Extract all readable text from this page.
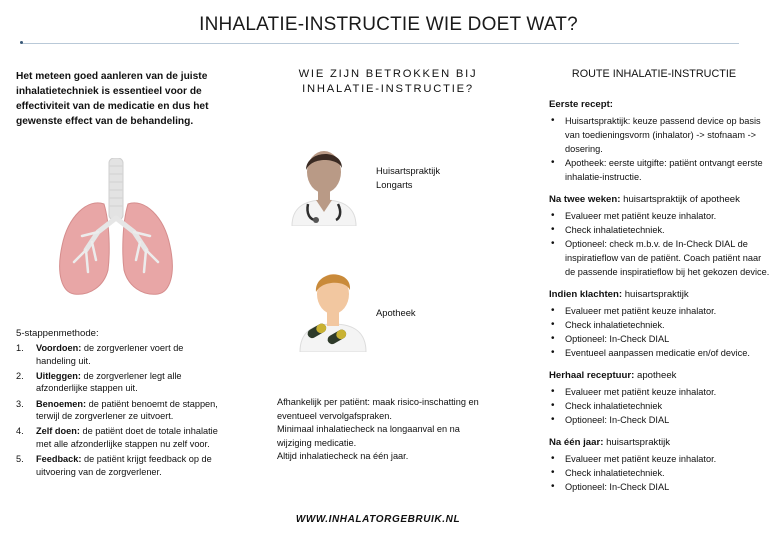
INHALATIE-INSTRUCTIE WIE DOET WAT?
Het meteen goed aanleren van de juiste inhalatietechniek is essentieel voor de effectiviteit van de medicatie en dus het gewenste effect van de behandeling.
5-stappenmethode:
1. Voordoen: de zorgverlener voert de handeling uit.
2. Uitleggen: de zorgverlener legt alle afzonderlijke stappen uit.
3. Benoemen: de patiënt benoemt de stappen, terwijl de zorgverlener ze uitvoert.
4. Zelf doen: de patiënt doet de totale inhalatie met alle afzonderlijke stappen nu zelf voor.
5. Feedback: de patiënt krijgt feedback op de uitvoering van de zorgverlener.
WIE ZIJN BETROKKEN BIJ INHALATIE-INSTRUCTIE?
Huisartspraktijk
Longarts
Apotheek

Afhankelijk per patiënt: maak risico-inschatting en eventueel vervolgafspraken.

Minimaal inhalatiecheck na longaanval en na wijziging medicatie.

Altijd inhalatiecheck na één jaar.

WWW.INHALATORGEBRUIK.NL
ROUTE INHALATIE-INSTRUCTIE
Eerste recept:
• Huisartspraktijk: keuze passend device op basis van toedieningsvorm (inhalator) -> stofnaam -> dosering.
• Apotheek: eerste uitgifte: patiënt ontvangt eerste inhalatie-instructie.
Na twee weken: huisartspraktijk of apotheek
• Evalueer met patiënt keuze inhalator.
• Check inhalatietechniek.
• Optioneel: check m.b.v. de In-Check DIAL de inspiratieflow van de patiënt. Coach patiënt naar de passende inspiratieflow bij het gekozen device.
Indien klachten: huisartspraktijk
• Evalueer met patiënt keuze inhalator.
• Check inhalatietechniek.
• Optioneel: In-Check DIAL
• Eventueel aanpassen medicatie en/of device.
Herhaal receptuur: apotheek
• Evalueer met patiënt keuze inhalator.
• Check inhalatietechniek
• Optioneel: In-Check DIAL
Na één jaar: huisartspraktijk
• Evalueer met patiënt keuze inhalator.
• Check inhalatietechniek.
• Optioneel: In-Check DIAL
